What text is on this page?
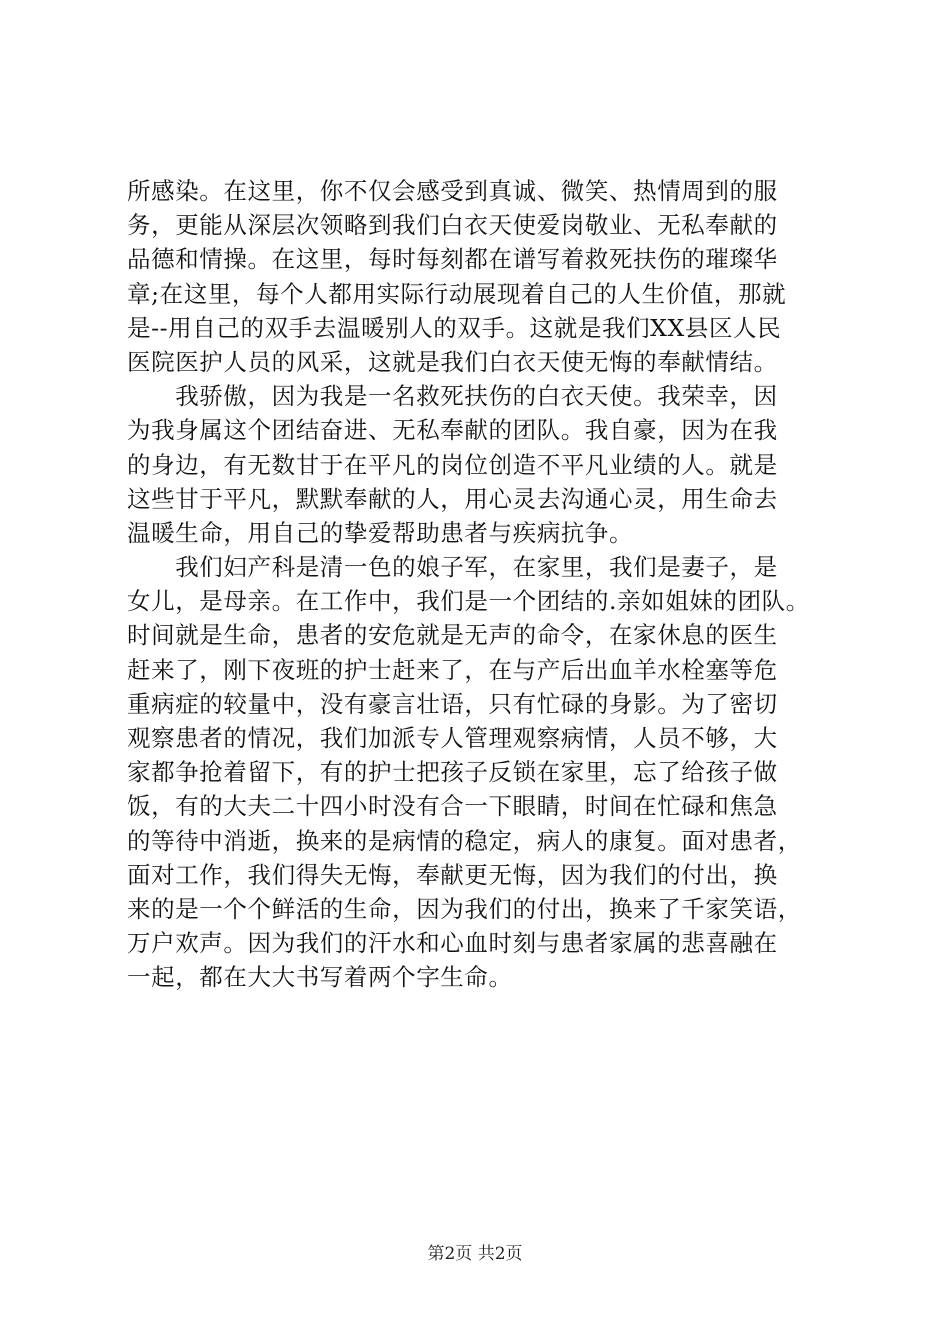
所感染。在这里，你不仅会感受到真诚、微笑、热情周到的服
务，更能从深层次领略到我们白衣天使爱岗敬业、无私奉献的
品德和情操。在这里，每时每刻都在谱写着救死扶伤的璀璨华
章;在这里，每个人都用实际行动展现着自己的人生价值，那就
是--用自己的双手去温暖别人的双手。这就是我们XX县区人民
医院医护人员的风采，这就是我们白衣天使无悔的奉献情结。
　　我骄傲，因为我是一名救死扶伤的白衣天使。我荣幸，因
为我身属这个团结奋进、无私奉献的团队。我自豪，因为在我
的身边，有无数甘于在平凡的岗位创造不平凡业绩的人。就是
这些甘于平凡，默默奉献的人，用心灵去沟通心灵，用生命去
温暖生命，用自己的挚爱帮助患者与疾病抗争。
　　我们妇产科是清一色的娘子军，在家里，我们是妻子，是
女儿，是母亲。在工作中，我们是一个团结的.亲如姐妹的团队。
时间就是生命，患者的安危就是无声的命令，在家休息的医生
赶来了，刚下夜班的护士赶来了，在与产后出血羊水栓塞等危
重病症的较量中，没有豪言壮语，只有忙碌的身影。为了密切
观察患者的情况，我们加派专人管理观察病情，人员不够，大
家都争抢着留下，有的护士把孩子反锁在家里，忘了给孩子做
饭，有的大夫二十四小时没有合一下眼睛，时间在忙碌和焦急
的等待中消逝，换来的是病情的稳定，病人的康复。面对患者，
面对工作，我们得失无悔，奉献更无悔，因为我们的付出，换
来的是一个个鲜活的生命，因为我们的付出，换来了千家笑语，
万户欢声。因为我们的汗水和心血时刻与患者家属的悲喜融在
一起，都在大大书写着两个字生命。
第2页 共2页
